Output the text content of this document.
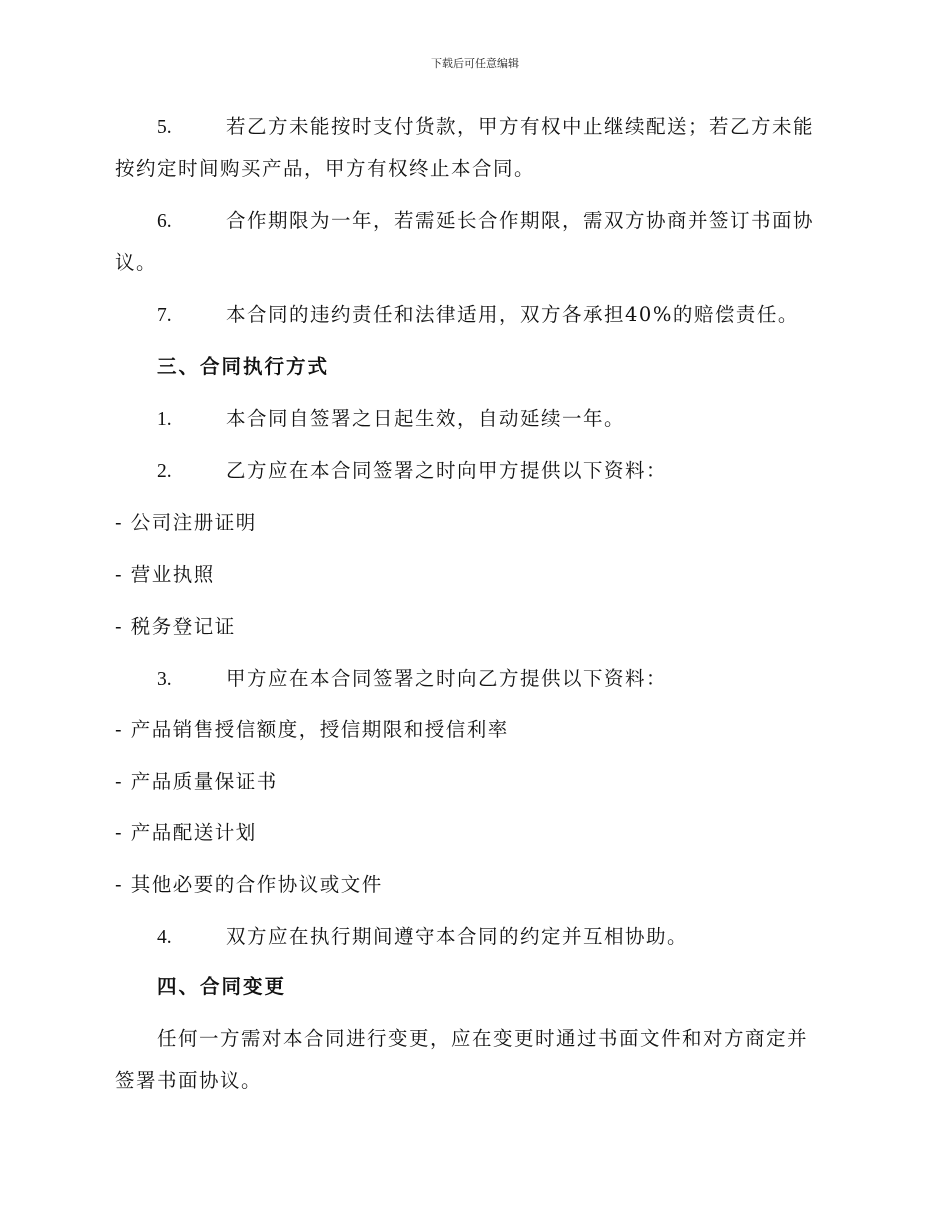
下载后可任意编辑
5.	若乙方未能按时支付货款，甲方有权中止继续配送；若乙方未能
按约定时间购买产品，甲方有权终止本合同。
6.	合作期限为一年，若需延长合作期限，需双方协商并签订书面协
议。
7.	本合同的违约责任和法律适用，双方各承担40%的赔偿责任。
三、合同执行方式
1.	本合同自签署之日起生效，自动延续一年。
2.	乙方应在本合同签署之时向甲方提供以下资料：
- 公司注册证明
- 营业执照
- 税务登记证
3.	甲方应在本合同签署之时向乙方提供以下资料：
- 产品销售授信额度，授信期限和授信利率
- 产品质量保证书
- 产品配送计划
- 其他必要的合作协议或文件
4.	双方应在执行期间遵守本合同的约定并互相协助。
四、合同变更
任何一方需对本合同进行变更，应在变更时通过书面文件和对方商定并
签署书面协议。
